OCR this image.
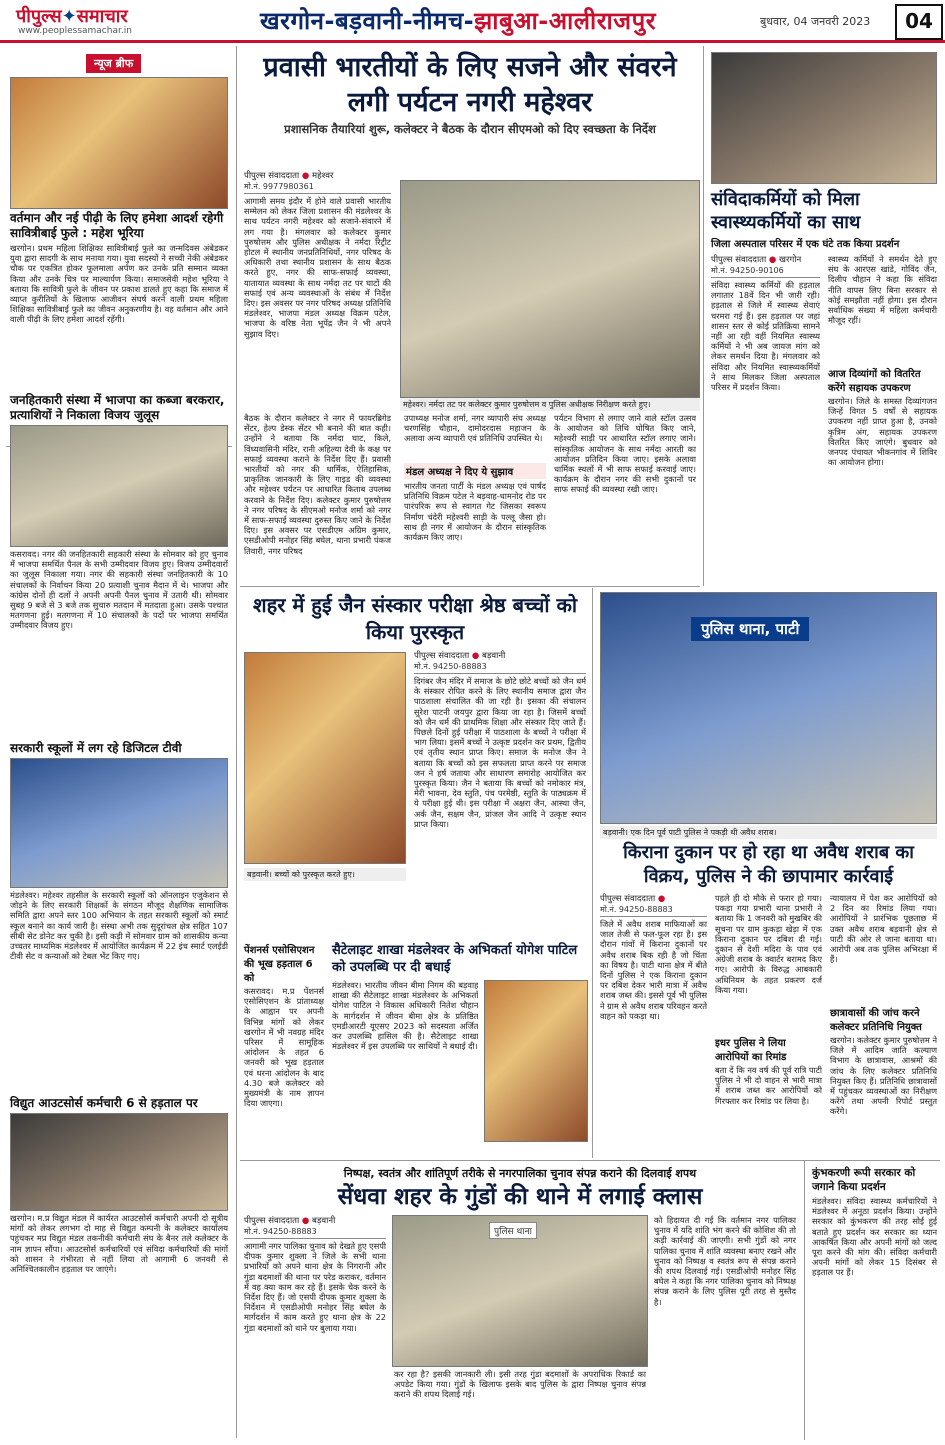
पीपुल्स✦समाचार
www.peoplessamachar.in	खरगोन-बड़वानी-नीमच-झाबुआ-आलीराजपुर	बुधवार, 04 जनवरी 2023	04
न्यूज ब्रीफ
वर्तमान और नई पीढ़ी के लिए हमेशा आदर्श रहेगी सावित्रीबाई फुले : महेश भूरिया
खरगोन। प्रथम महिला शिक्षिका सावित्रीबाई फुले का जन्मदिवस अंबेडकर युवा द्वारा सादगी के साथ मनाया गया। युवा सदस्यों ने सच्ची नेकी अंबेडकर चौक पर एकत्रित होकर फूलमाला अर्पण कर उनके प्रति सम्मान व्यक्त किया और उनके चित्र पर माल्यार्पण किया। समाजसेवी महेश भूरिया ने बताया कि सावित्री फुले के जीवन पर प्रकाश डालते हुए कहा कि समाज में व्याप्त कुरीतियों के खिलाफ आजीवन संघर्ष करने वाली प्रथम महिला शिक्षिका सावित्रीबाई फुले का जीवन अनुकरणीय है। वह वर्तमान और आने वाली पीढ़ी के लिए हमेशा आदर्श रहेंगी।
जनहितकारी संस्था में भाजपा का कब्जा बरकरार, प्रत्याशियों ने निकाला विजय जुलूस
कसरावद। नगर की जनहितकारी सहकारी संस्था के सोमवार को हुए चुनाव में भाजपा समर्थित पैनल के सभी उम्मीदवार विजय हुए। विजय उम्मीदवारों का जुलूस निकाला गया। नगर की सहकारी संस्था जनहितकारी के 10 संचालकों के निर्वाचन किया 20 प्रत्याशी चुनाव मैदान में थे। भाजपा और कांग्रेस दोनों ही दलों ने अपनी अपनी पैनल चुनाव में उतारी थी। सोमवार सुबह 9 बजे से 3 बजे तक सुचारु मतदान में मतदाता हुआ। उसके पश्चात मतगणना हुई। मतगणना में 10 संचालकों के पदों पर भाजपा समर्थित उम्मीदवार विजय हुए।
सरकारी स्कूलों में लग रहे डिजिटल टीवी
मंडलेश्वर। महेश्वर तहसील के सरकारी स्कूलों को ऑनलाइन एजुकेशन से जोड़ने के लिए सरकारी शिक्षकों के संगठन मौजूद शैक्षणिक सामाजिक समिति द्वारा अपने स्तर 100 अभियान के तहत सरकारी स्कूलों को स्मार्ट स्कूल बनाने का कार्य जारी है। संस्था अभी तक सुदूरांचल क्षेत्र सहित 107 सीबी सेट डोनेट कर चुकी है। इसी कड़ी में सोमवार ग्राम को शासकीय कन्या उच्चतर माध्यमिक मंडलेश्वर में आयोजित कार्यक्रम में 22 इंच स्मार्ट एलईडी टीवी सेट व कन्याओं को टेबल भेंट किए गए।
विद्युत आउटसोर्स कर्मचारी 6 से हड़ताल पर
खरगोन। म.प्र विद्युत मंडल में कार्यरत आउटसोर्स कर्मचारी अपनी दो सूत्रीय मांगों को लेकर लगभग दो माह से विद्युत कम्पनी के कलेक्टर कार्यालय पहुंचकर मप्र विद्युत मंडल तकनीकी कर्मचारी संघ के बैनर तले कलेक्टर के नाम ज्ञापन सौंपा। आउटसोर्स कर्मचारियों एवं संविदा कर्मचारियों की मांगों को शासन ने गंभीरता से नहीं लिया तो आगामी 6 जनवरी से अनिश्चितकालीन हड़ताल पर जाएंगे।
प्रवासी भारतीयों के लिए सजने और संवरने लगी पर्यटन नगरी महेश्वर
प्रशासनिक तैयारियां शुरू, कलेक्टर ने बैठक के दौरान सीएमओ को दिए स्वच्छता के निर्देश
पीपुल्स संवाददाता ● महेश्वर
मो.नं. 9977980361
आगामी समय इंदौर में होने वाले प्रवासी भारतीय सम्मेलन को लेकर जिला प्रशासन की मंडलेश्वर के साथ पर्यटन नगरी महेश्वर को सजाने-संवारने में लग गया है। मंगलवार को कलेक्टर कुमार पुरुषोत्तम और पुलिस अधीक्षक ने नर्मदा रिट्रीट होटल में स्थानीय जनप्रतिनिधियों, नगर परिषद के अधिकारी तथा स्थानीय प्रशासन के साथ बैठक करते हुए, नगर की साफ-सफाई व्यवस्था, यातायात व्यवस्था के साथ नर्मदा तट पर घाटों की सफाई एवं अन्य व्यवस्थाओं के संबंध में निर्देश दिए। इस अवसर पर नगर परिषद अध्यक्ष प्रतिनिधि मंडलेश्वर, भाजपा मंडल अध्यक्ष विक्रम पटेल, भाजपा के वरिष्ठ नेता भूपेंद्र जैन ने भी अपने सुझाव दिए।
बैठक के दौरान कलेक्टर ने नगर में फायरब्रिगेड सेंटर, हेल्प डेस्क सेंटर भी बनाने की बात कही। उन्होंने ने बताया कि नर्मदा घाट, किले, विंध्यवासिनी मंदिर, रानी अहिल्या देवी के कक्ष पर सफाई व्यवस्था कराने के निर्देश दिए हैं। प्रवासी भारतीयों को नगर की धार्मिक, ऐतिहासिक, प्राकृतिक जानकारी के लिए गाइड की व्यवस्था और महेश्वर पर्यटन पर आधारित किताब उपलब्ध करवाने के निर्देश दिए। कलेक्टर कुमार पुरुषोत्तम ने नगर परिषद के सीएमओ मनोज शर्मा को नगर में साफ-सफाई व्यवस्था दुरुस्त किए जाने के निर्देश दिए। इस अवसर पर एसडीएम अग्रिम कुमार, एसडीओपी मनोहर सिंह बघेल, थाना प्रभारी पंकज तिवारी, नगर परिषद
महेश्वर। नर्मदा तट पर कलेक्टर कुमार पुरुषोत्तम व पुलिस अधीक्षक निरीक्षण करते हुए।
उपाध्यक्ष मनोज शर्मा, नगर व्यापारी संघ अध्यक्ष चरणसिंह चौहान, दामोदरदास महाजन के अलावा अन्य व्यापारी एवं प्रतिनिधि उपस्थित थे।
मंडल अध्यक्ष ने दिए ये सुझाव
भारतीय जनता पार्टी के मंडल अध्यक्ष एवं पार्षद प्रतिनिधि विक्रम पटेल ने बड़वाह-धामनोद रोड पर पारंपरिक रूप से स्वागत गेट जिसका स्वरूप निर्माण चंदेरी महेश्वरी साड़ी के पल्लू जैसा हो। साथ ही नगर में आयोजन के दौरान सांस्कृतिक कार्यक्रम किए जाए।
पर्यटन विभाग से लगाए जाने वाले स्टॉल उत्सव के आयोजन को तिथि घोषित किए जाने, महेश्वरी साड़ी पर आधारित स्टॉल लगाए जाने। सांस्कृतिक आयोजन के साथ नर्मदा आरती का आयोजन प्रतिदिन किया जाए। इसके अलावा धार्मिक स्थलों में भी साफ सफाई करवाई जाए। कार्यक्रम के दौरान नगर की सभी दुकानों पर साफ सफाई की व्यवस्था रखी जाए।
संविदाकर्मियों को मिला स्वास्थ्यकर्मियों का साथ
जिला अस्पताल परिसर में एक घंटे तक किया प्रदर्शन
पीपुल्स संवाददाता ● खरगोन
मो.नं. 94250-90106
संविदा स्वास्थ्य कर्मियों की हड़ताल लगातार 18वें दिन भी जारी रही। हड़ताल से जिले में स्वास्थ्य सेवाएं चरमरा गई हैं। इस हड़ताल पर जहां शासन स्तर से कोई प्रतिक्रिया सामने नहीं आ रही वहीं नियमित स्वास्थ्य कर्मियों ने भी अब जायज मांग को लेकर समर्थन दिया है। मंगलवार को संविदा और नियमित स्वास्थ्यकर्मियों ने साथ मिलकर जिला अस्पताल परिसर में प्रदर्शन किया।
स्वास्थ्य कर्मियों ने समर्थन देते हुए संघ के आरएस खांडे, गोविंद जैन, दिलीप चौहान ने कहा कि संविदा नीति वापस लिए बिना सरकार से कोई समझौता नहीं होगा। इस दौरान सर्वाधिक संख्या में महिला कर्मचारी मौजूद रहीं।
आज दिव्यांगों को वितरित करेंगे सहायक उपकरण
खरगोन। जिले के समस्त दिव्यांगजन जिन्हें विगत 5 वर्षों से सहायक उपकरण नहीं प्राप्त हुआ है, उनको कृत्रिम अंग, सहायक उपकरण वितरित किए जाएंगे। बुधवार को जनपद पंचायत भीकनगांव में शिविर का आयोजन होगा।
शहर में हुई जैन संस्कार परीक्षा श्रेष्ठ बच्चों को किया पुरस्कृत
बड़वानी। बच्चों को पुरस्कृत करते हुए।
पीपुल्स संवाददाता ● बड़वानी
मो.नं. 94250-88883
दिगंबर जैन मंदिर में समाज के छोटे छोटे बच्चों को जैन धर्म के संस्कार रोपित करने के लिए स्थानीय समाज द्वारा जैन पाठशाला संचालित की जा रही है। इसका की संचालन सुरेश पाटनी जयपुर द्वारा किया जा रहा है। जिसमें बच्चों को जैन धर्म की प्राथमिक शिक्षा और संस्कार दिए जाते हैं। पिछले दिनों हुई परीक्षा में पाठशाला के बच्चों ने परीक्षा में भाग लिया। इसमें बच्चों ने उत्कृष्ट प्रदर्शन कर प्रथम, द्वितीय एवं तृतीय स्थान प्राप्त किए। समाज के मनोज जैन ने बताया कि बच्चों को इस सफलता प्राप्त करने पर समाज जन ने हर्ष जताया और साधारण समारोह आयोजित कर पुरस्कृत किया। जैन ने बताया कि बच्चों को नमोकार मंत्र, मेरी भावना, देव स्तुति, पंच परमेष्ठी, स्तुति के पाठ्यक्रम में ये परीक्षा हुई थी। इस परीक्षा में अक्षरा जैन, आस्था जैन, अर्क जैन, सक्षम जैन, प्रांजल जैन आदि ने उत्कृष्ट स्थान प्राप्त किया।
पुलिस थाना, पाटी
बड़वानी। एक दिन पूर्व पाटी पुलिस ने पकड़ी थी अवैध शराब।
किराना दुकान पर हो रहा था अवैध शराब का विक्रय, पुलिस ने की छापामार कार्रवाई
पीपुल्स संवाददाता ●
मो.नं. 94250-88883
जिले में अवैध शराब माफियाओं का जाल तेजी से फल-फूल रहा है। इस दौरान गांवों में किराना दुकानों पर अवैध शराब बिक रही है जो चिंता का विषय है। पाटी थाना क्षेत्र में बीते दिनों पुलिस ने एक किराना दुकान पर दबिश देकर भारी मात्रा में अवैध शराब जब्त की। इससे पूर्व भी पुलिस ने ग्राम से अवैध शराब परिवहन करते वाहन को पकड़ा था।
पहले ही दो मौके से फरार हो गया। पकड़ा गया प्रभारी थाना प्रभारी ने बताया कि 1 जनवरी को मुखबिर की सूचना पर ग्राम कुकड़ा खेड़ा में एक किराना दुकान पर दबिश दी गई। दुकान से देशी मदिरा के पाव एवं अंग्रेजी शराब के क्वार्टर बरामद किए गए। आरोपी के विरुद्ध आबकारी अधिनियम के तहत प्रकरण दर्ज किया गया।
इधर पुलिस ने लिया आरोपियों का रिमांड
बता दें कि नव वर्ष की पूर्व रात्रि पाटी पुलिस ने भी दो वाहन से भारी मात्रा में शराब जब्त कर आरोपियों को गिरफ्तार कर रिमांड पर लिया है।
न्यायालय में पेश कर आरोपियों को 2 दिन का रिमांड लिया गया। आरोपियों ने प्रारंभिक पूछताछ में उक्त अवैध शराब बड़वानी क्षेत्र से पाटी की ओर ले जाना बताया था। आरोपी अब तक पुलिस अभिरक्षा में हैं।
छात्रावासों की जांच करने कलेक्टर प्रतिनिधि नियुक्त
खरगोन। कलेक्टर कुमार पुरुषोत्तम ने जिले में आदिम जाति कल्याण विभाग के छात्रावास, आश्रमों की जांच के लिए कलेक्टर प्रतिनिधि नियुक्त किए हैं। प्रतिनिधि छात्रावासों में पहुंचकर व्यवस्थाओं का निरीक्षण करेंगे तथा अपनी रिपोर्ट प्रस्तुत करेंगे।
पेंशनर्स एसोसिएशन की भूख हड़ताल 6 को
कसरावद। म.प्र पेंशनर्स एसोसिएशन के प्रांताध्यक्ष के आह्वान पर अपनी विभिन्न मांगों को लेकर खरगोन में भी नवग्रह मंदिर परिसर में सामूहिक आंदोलन के तहत 6 जनवरी को भूख हड़ताल एवं धरना आंदोलन के बाद 4.30 बजे कलेक्टर को मुख्यमंत्री के नाम ज्ञापन दिया जाएगा।
सैटेलाइट शाखा मंडलेश्वर के अभिकर्ता योगेश पाटिल को उपलब्धि पर दी बधाई
मंडलेश्वर। भारतीय जीवन बीमा निगम की बड़वाह शाखा की सैटेलाइट शाखा मंडलेश्वर के अभिकर्ता योगेश पाटिल ने विकास अधिकारी नितेश चौहान के मार्गदर्शन में जीवन बीमा क्षेत्र के प्रतिष्ठित एमडीआरटी यूएसए 2023 को सदस्यता अर्जित कर उपलब्धि हासिल की है। सैटेलाइट शाखा मंडलेश्वर में इस उपलब्धि पर साथियों ने बधाई दी।
निष्पक्ष, स्वतंत्र और शांतिपूर्ण तरीके से नगरपालिका चुनाव संपन्न कराने की दिलवाई शपथ
सेंधवा शहर के गुंडों की थाने में लगाई क्लास
पीपुल्स संवाददाता ● बड़वानी
मो.नं. 94250-88883
आगामी नगर पालिका चुनाव को देखते हुए एसपी दीपक कुमार शुक्ला ने जिले के सभी थाना प्रभारियों को अपने थाना क्षेत्र के निगरानी और गुंडा बदमाशों की थाना पर परेड कराकर, वर्तमान में वह क्या काम कर रहे हैं। इसके चेक करने के निर्देश दिए हैं। जो एसपी दीपक कुमार शुक्ला के निर्देशन में एसडीओपी मनोहर सिंह बघेल के मार्गदर्शन में काम करते हुए थाना क्षेत्र के 22 गुंडा बदमाशों को थाने पर बुलाया गया।
पुलिस थाना
कर रहा है? इसकी जानकारी ली। इसी तरह गुंडा बदमाशों के अपराधिक रिकार्ड का अपडेट किया गया। गुंडों के खिलाफ इसके बाद पुलिस के द्वारा निष्पक्ष चुनाव संपन्न कराने की शपथ दिलाई गई।
को हिदायत दी गई कि वर्तमान नगर पालिका चुनाव में यदि शांति भंग करने की कोशिश की तो कड़ी कार्रवाई की जाएगी। सभी गुंडों को नगर पालिका चुनाव में शांति व्यवस्था बनाए रखने और चुनाव को निष्पक्ष व स्वतंत्र रूप से संपन्न कराने की शपथ दिलवाई गई। एसडीओपी मनोहर सिंह बघेल ने कहा कि नगर पालिका चुनाव को निष्पक्ष संपन्न कराने के लिए पुलिस पूरी तरह से मुस्तैद है।
कुंभकरणी रूपी सरकार को जगाने किया प्रदर्शन
मंडलेश्वर। संविदा स्वास्थ्य कर्मचारियों ने मंडलेश्वर में अनूठा प्रदर्शन किया। उन्होंने सरकार को कुंभकरण की तरह सोई हुई बताते हुए प्रदर्शन कर सरकार का ध्यान आकर्षित किया और अपनी मांगों को जल्द पूरा करने की मांग की। संविदा कर्मचारी अपनी मांगों को लेकर 15 दिसंबर से हड़ताल पर हैं।
